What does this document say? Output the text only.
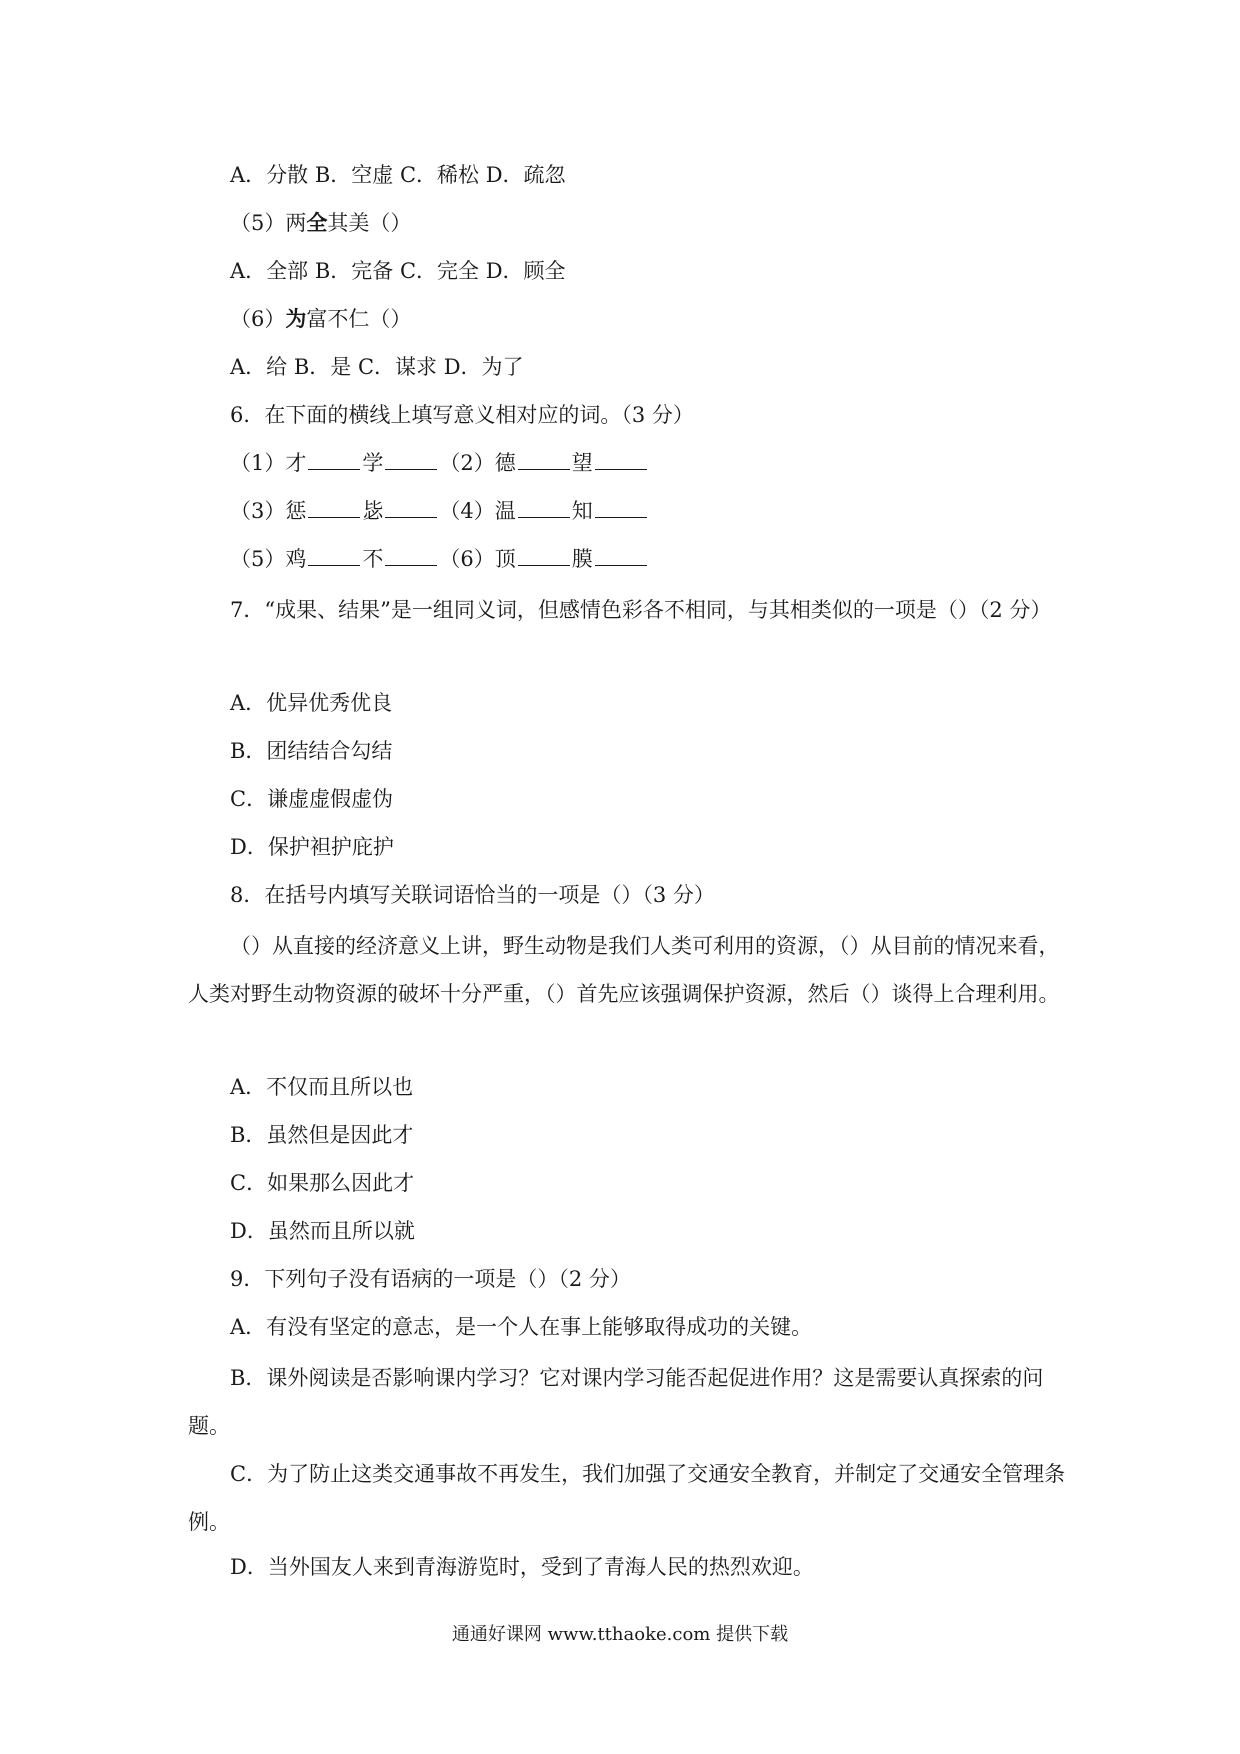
A．分散 B．空虚 C．稀松 D．疏忽
（5）两全其美（）
A．全部 B．完备 C．完全 D．顾全
（6）为富不仁（）
A．给 B．是 C．谋求 D．为了
6．在下面的横线上填写意义相对应的词。（3 分）
（1）才	学	（2）德	望
（3）惩	毖	（4）温	知
（5）鸡	不	（6）顶	膜
7．“成果、结果”是一组同义词，但感情色彩各不相同，与其相类似的一项是（）（2 分）
A．优异优秀优良
B．团结结合勾结
C．谦虚虚假虚伪
D．保护袒护庇护
8．在括号内填写关联词语恰当的一项是（）（3 分）
（）从直接的经济意义上讲，野生动物是我们人类可利用的资源，（）从目前的情况来看，人类对野生动物资源的破坏十分严重，（）首先应该强调保护资源，然后（）谈得上合理利用。
A．不仅而且所以也
B．虽然但是因此才
C．如果那么因此才
D．虽然而且所以就
9．下列句子没有语病的一项是（）（2 分）
A．有没有坚定的意志，是一个人在事上能够取得成功的关键。
B．课外阅读是否影响课内学习？它对课内学习能否起促进作用？这是需要认真探索的问题。
C．为了防止这类交通事故不再发生，我们加强了交通安全教育，并制定了交通安全管理条例。
D．当外国友人来到青海游览时，受到了青海人民的热烈欢迎。
通通好课网 www.tthaoke.com 提供下载
